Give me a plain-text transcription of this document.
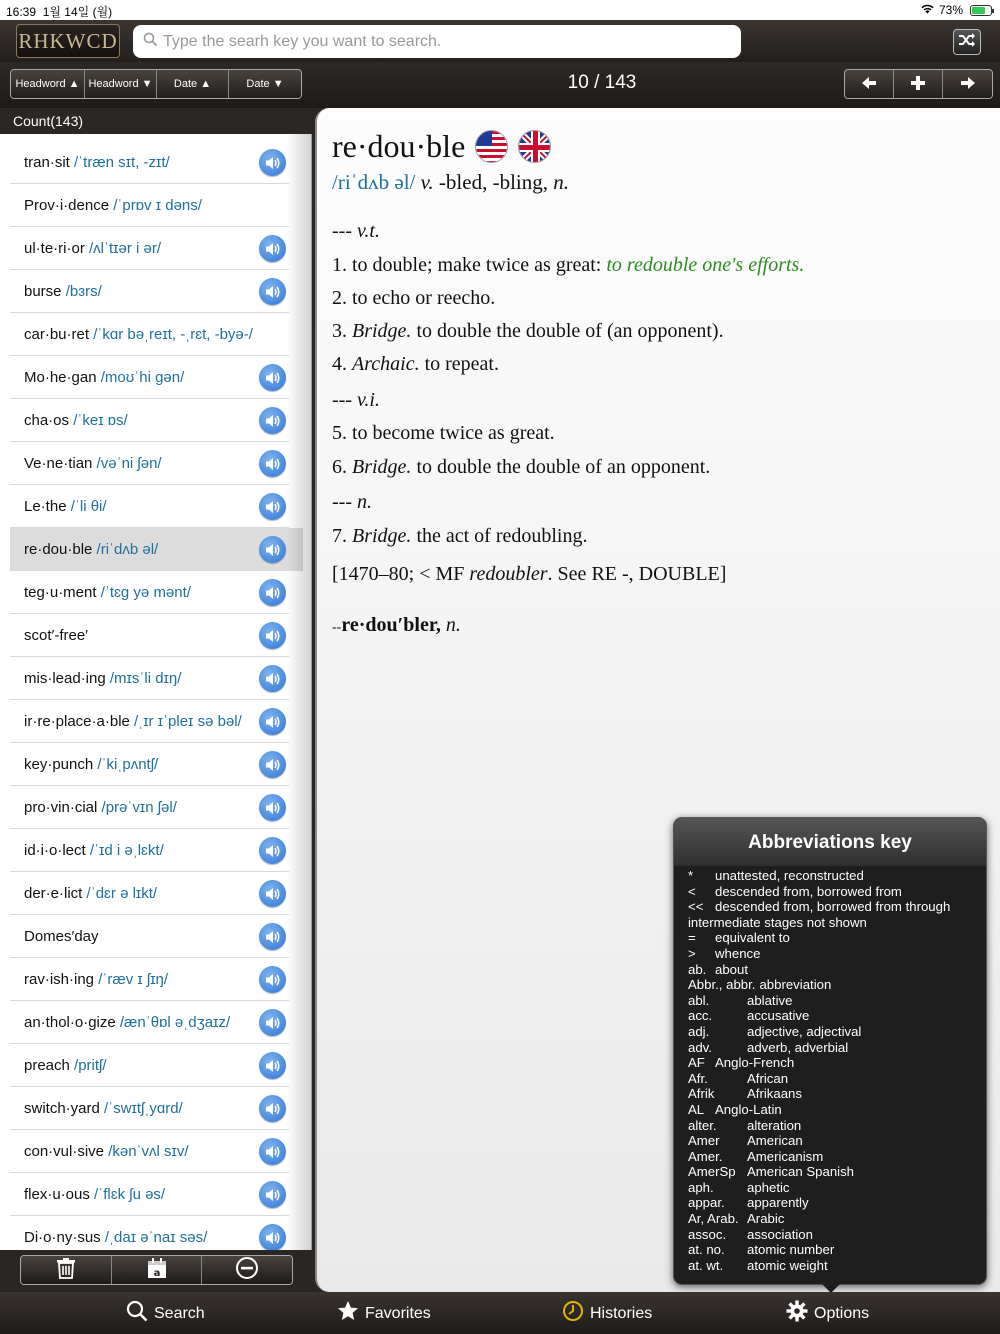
16:39 1월 14일 (월)	73%
RHKWCD
Type the searh key you want to search.
Headword ▲ Headword ▼	Date ▲	Date ▼	10 / 143
Count(143)
tran·sit /ˈtræn sɪt, -zɪt/
Prov·i·dence /ˈprɒv ɪ dəns/
ul·te·ri·or /ʌlˈtɪər i ər/
burse /bɜrs/
car·bu·ret /ˈkɑr bəˌreɪt, -ˌrɛt, -byə-/
Mo·he·gan /moʊˈhi gən/
cha·os /ˈkeɪ ɒs/
Ve·ne·tian /vəˈni ʃən/
Le·the /ˈli θi/
re·dou·ble /riˈdʌb əl/
teg·u·ment /ˈtɛg yə mənt/
scot′-free′
mis·lead·ing /mɪsˈli dɪŋ/
ir·re·place·a·ble /ˌɪr ɪˈpleɪ sə bəl/
key·punch /ˈkiˌpʌntʃ/
pro·vin·cial /prəˈvɪn ʃəl/
id·i·o·lect /ˈɪd i əˌlɛkt/
der·e·lict /ˈdɛr ə lɪkt/
Domes′day
rav·ish·ing /ˈræv ɪ ʃɪŋ/
an·thol·o·gize /ænˈθɒl əˌdʒaɪz/
preach /pritʃ/
switch·yard /ˈswɪtʃˌyɑrd/
con·vul·sive /kənˈvʌl sɪv/
flex·u·ous /ˈflɛk ʃu əs/
Di·o·ny·sus /ˌdaɪ əˈnaɪ səs/
a
re·dou·ble
/riˈdʌb əl/ v. -bled, -bling, n.
--- v.t.
1. to double; make twice as great: to redouble one's efforts.
2. to echo or reecho.
3. Bridge. to double the double of (an opponent).
4. Archaic. to repeat.
--- v.i.
5. to become twice as great.
6. Bridge. to double the double of an opponent.
--- n.
7. Bridge. the act of redoubling.
[1470–80; < MF redoubler. See RE -, DOUBLE]
--re·dou′bler, n.
Abbreviations key
* unattested, reconstructed
< descended from, borrowed from
<< descended from, borrowed from through
intermediate stages not shown
= equivalent to
> whence
ab. about
Abbr., abbr. abbreviation
abl.	ablative
acc.	accusative
adj.	adjective, adjectival
adv.	adverb, adverbial
AF Anglo-French
Afr.	African
Afrik Afrikaans
AL Anglo-Latin
alter. alteration
Amer American
Amer. Americanism
AmerSp American Spanish
aph.	aphetic
appar. apparently
Ar, Arab. Arabic
assoc. association
at. no. atomic number
at. wt. atomic weight
Search	Favorites	Histories	Options
